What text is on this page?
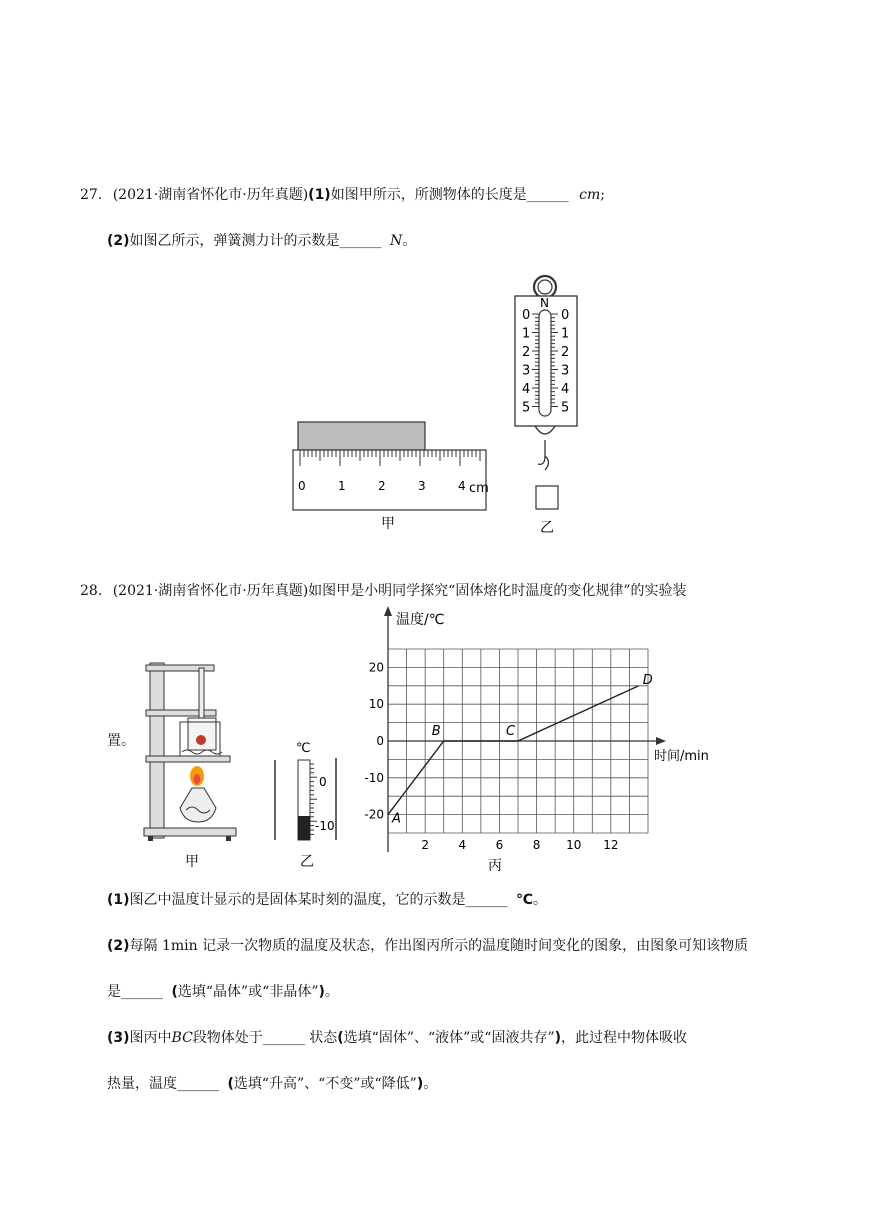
27. (2021·湖南省怀化市·历年真题)(1)如图甲所示，所测物体的长度是______ cm;
(2)如图乙所示，弹簧测力计的示数是______ N。
0	1	2	3	4 cm
甲
N
0
1
2
3
4
5
0
1
2
3
4
5
乙
28. (2021·湖南省怀化市·历年真题)如图甲是小明同学探究“固体熔化时温度的变化规律”的实验装
置。
甲
℃
0
-10
乙
温度/℃
时间/min
2 4 6 8 10 12
20
10
0
-10
-20 A
B	C
D
丙
(1)图乙中温度计显示的是固体某时刻的温度，它的示数是______ ℃。
(2)每隔 1min 记录一次物质的温度及状态，作出图丙所示的温度随时间变化的图象，由图象可知该物质
是______ (选填“晶体”或“非晶体”)。
(3)图丙中BC段物体处于______ 状态(选填“固体”、“液体”或“固液共存”)，此过程中物体吸收
热量，温度______ (选填“升高”、“不变”或“降低”)。
